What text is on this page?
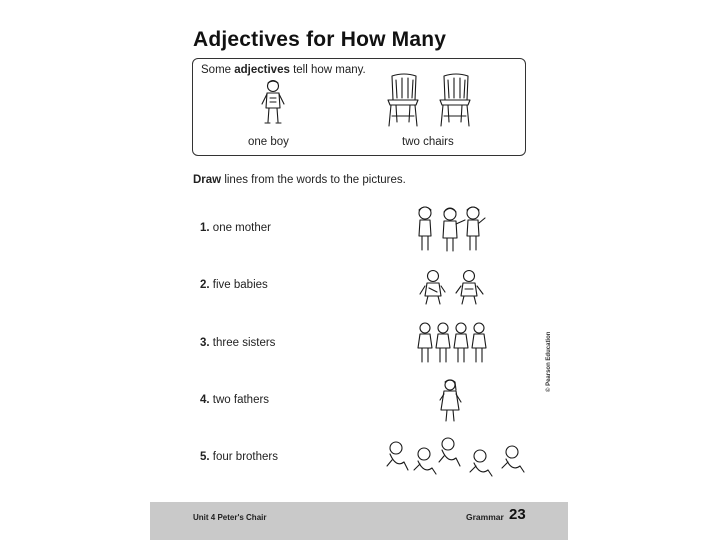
Adjectives for How Many
Some adjectives tell how many.
one boy	two chairs
Draw lines from the words to the pictures.
1. one mother
2. five babies
3. three sisters
4. two fathers
5. four brothers
© Pearson Education
Unit 4 Peter's Chair	Grammar 23
